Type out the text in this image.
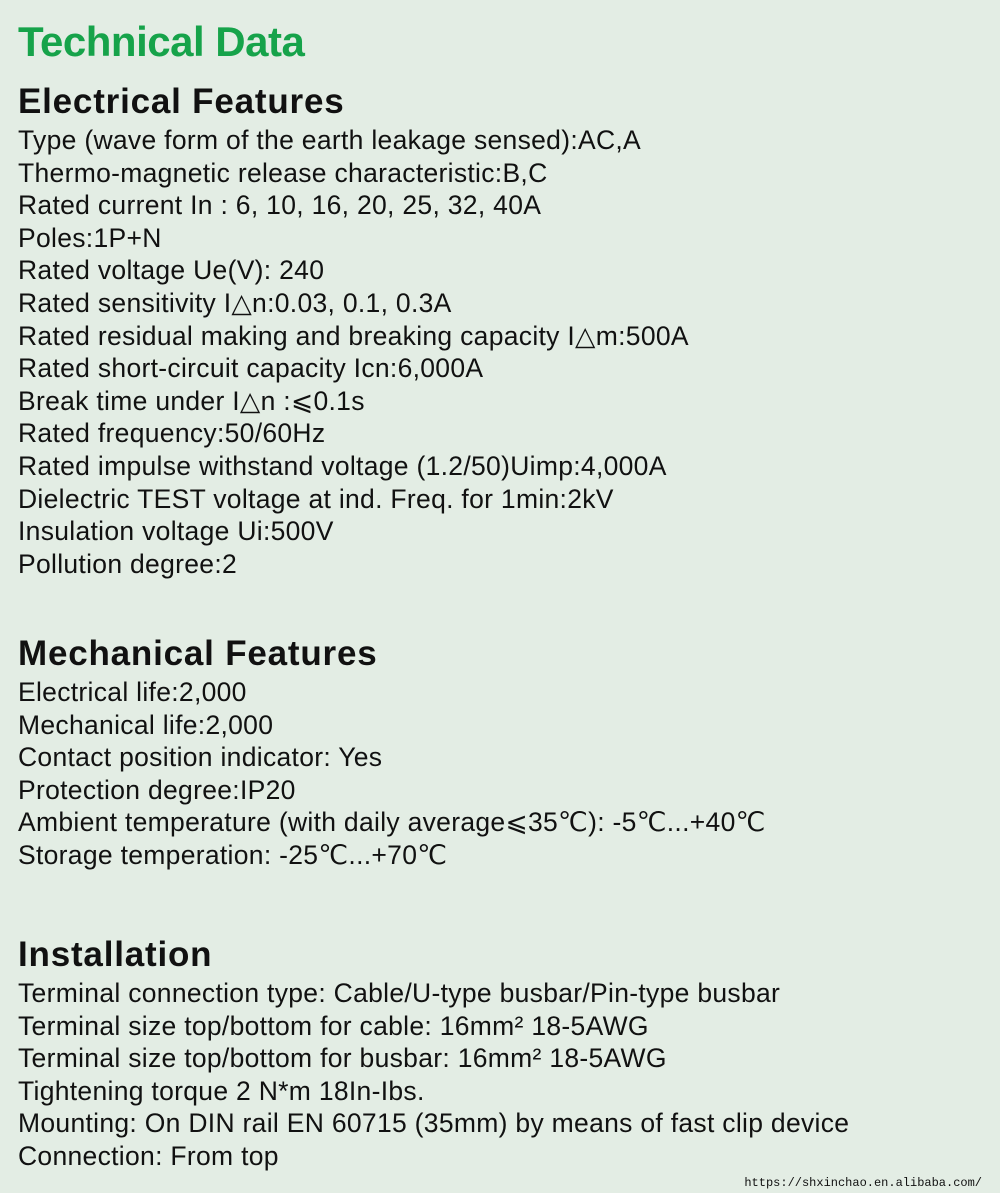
Technical Data
Electrical Features
Type (wave form of the earth leakage sensed):AC,A
Thermo-magnetic release characteristic:B,C
Rated current In : 6, 10, 16, 20, 25, 32, 40A
Poles:1P+N
Rated voltage Ue(V): 240
Rated sensitivity I△n:0.03, 0.1, 0.3A
Rated residual making and breaking capacity I△m:500A
Rated short-circuit capacity Icn:6,000A
Break time under I△n :⩽0.1s
Rated frequency:50/60Hz
Rated impulse withstand voltage (1.2/50)Uimp:4,000A
Dielectric TEST voltage at ind. Freq. for 1min:2kV
Insulation voltage Ui:500V
Pollution degree:2
Mechanical Features
Electrical life:2,000
Mechanical life:2,000
Contact position indicator: Yes
Protection degree:IP20
Ambient temperature (with daily average⩽35℃): -5℃...+40℃
Storage temperation: -25℃...+70℃
Installation
Terminal connection type: Cable/U-type busbar/Pin-type busbar
Terminal size top/bottom for cable: 16mm² 18-5AWG
Terminal size top/bottom for busbar: 16mm² 18-5AWG
Tightening torque 2 N*m 18In-Ibs.
Mounting: On DIN rail EN 60715 (35mm) by means of fast clip device
Connection: From top
https://shxinchao.en.alibaba.com/
